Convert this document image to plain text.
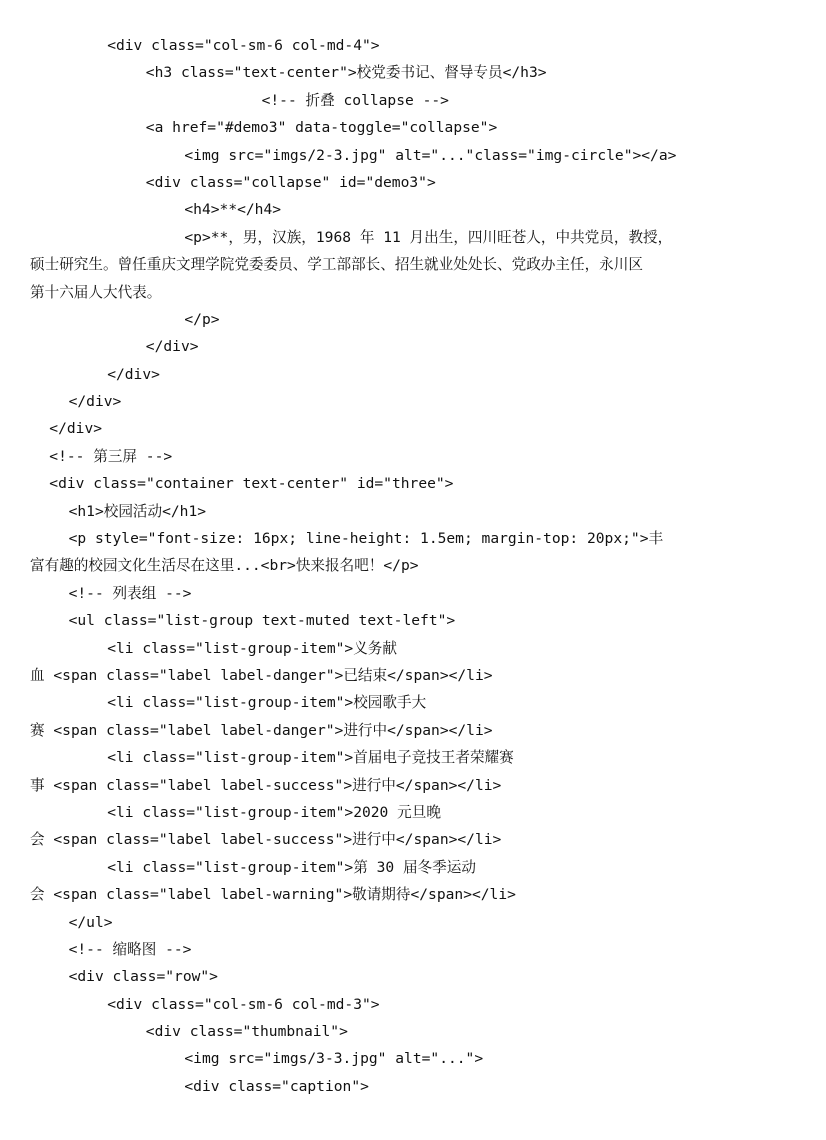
<div class="col-sm-6 col-md-4">
<h3 class="text-center">校党委书记、督导专员</h3>
<!-- 折叠 collapse -->
<a href="#demo3" data-toggle="collapse">
<img src="imgs/2-3.jpg" alt="..."class="img-circle"></a>
<div class="collapse" id="demo3">
<h4>**</h4>
<p>**，男，汉族，1968 年 11 月出生，四川旺苍人，中共党员，教授，
硕士研究生。曾任重庆文理学院党委委员、学工部部长、招生就业处处长、党政办主任，永川区
第十六届人大代表。
</p>
</div>
</div>
</div>
</div>
<!-- 第三屏 -->
<div class="container text-center" id="three">
<h1>校园活动</h1>
<p style="font-size: 16px; line-height: 1.5em; margin-top: 20px;">丰
富有趣的校园文化生活尽在这里...<br>快来报名吧！</p>
<!-- 列表组 -->
<ul class="list-group text-muted text-left">
<li class="list-group-item">义务献
血 <span class="label label-danger">已结束</span></li>
<li class="list-group-item">校园歌手大
赛 <span class="label label-danger">进行中</span></li>
<li class="list-group-item">首届电子竞技王者荣耀赛
事 <span class="label label-success">进行中</span></li>
<li class="list-group-item">2020 元旦晚
会 <span class="label label-success">进行中</span></li>
<li class="list-group-item">第 30 届冬季运动
会 <span class="label label-warning">敬请期待</span></li>
</ul>
<!-- 缩略图 -->
<div class="row">
<div class="col-sm-6 col-md-3">
<div class="thumbnail">
<img src="imgs/3-3.jpg" alt="...">
<div class="caption">
